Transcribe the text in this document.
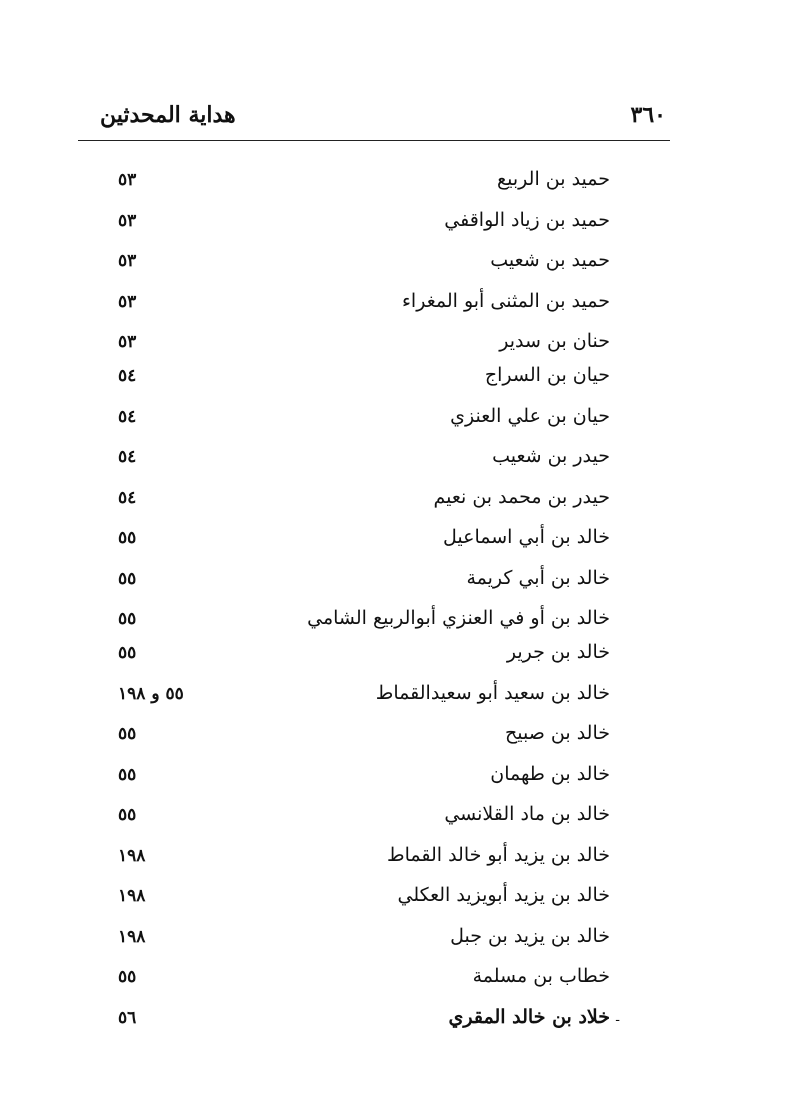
٣٦٠
هداية المحدثين
حميد بن الربيع
٥٣
حميد بن زياد الواقفي
٥٣
حميد بن شعيب
٥٣
حميد بن المثنى أبو المغراء
٥٣
حنان بن سدير
٥٣
حيان بن السراج
٥٤
حيان بن علي العنزي
٥٤
حيدر بن شعيب
٥٤
حيدر بن محمد بن نعيم
٥٤
خالد بن أبي اسماعيل
٥٥
خالد بن أبي كريمة
٥٥
خالد بن أو في العنزي أبوالربيع الشامي
٥٥
خالد بن جرير
٥٥
خالد بن سعيد أبو سعيدالقماط
٥٥ و ١٩٨
خالد بن صبيح
٥٥
خالد بن طهمان
٥٥
خالد بن ماد القلانسي
٥٥
خالد بن يزيد أبو خالد القماط
١٩٨
خالد بن يزيد أبويزيد العكلي
١٩٨
خالد بن يزيد بن جبل
١٩٨
خطاب بن مسلمة
٥٥
-
خلاد بن خالد المقري
٥٦
